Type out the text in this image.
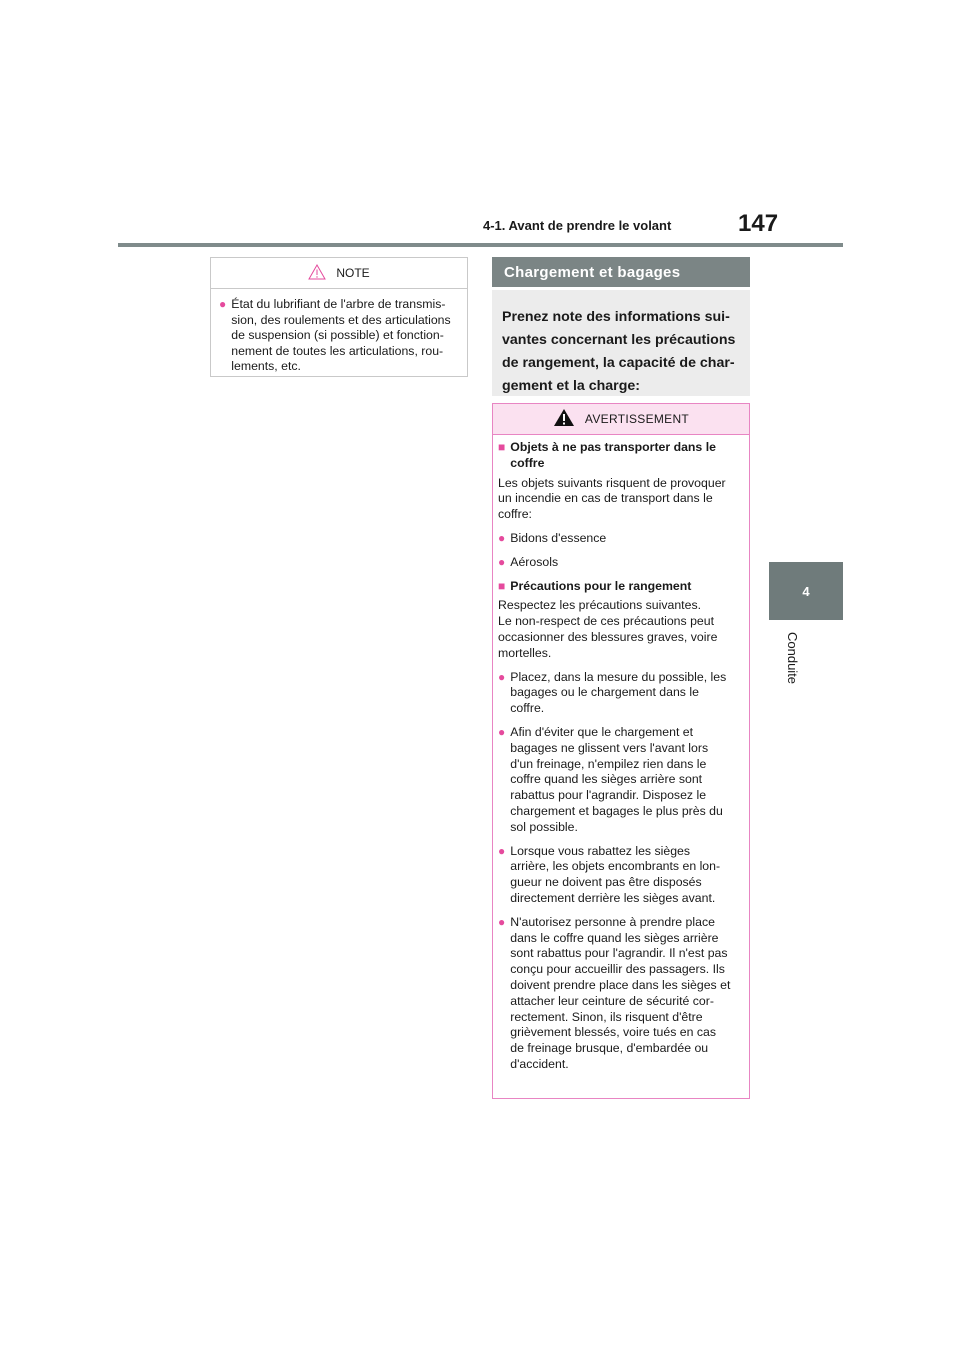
4-1. Avant de prendre le volant	147
4
Conduite
NOTE
● État du lubrifiant de l'arbre de transmis-
sion, des roulements et des articulations
de suspension (si possible) et fonction-
nement de toutes les articulations, rou-
lements, etc.
Chargement et bagages
Prenez note des informations sui-
vantes concernant les précautions
de rangement, la capacité de char-
gement et la charge:
AVERTISSEMENT
■ Objets à ne pas transporter dans le
coffre
Les objets suivants risquent de provoquer
un incendie en cas de transport dans le
coffre:
● Bidons d'essence
● Aérosols
■ Précautions pour le rangement
Respectez les précautions suivantes.
Le non-respect de ces précautions peut
occasionner des blessures graves, voire
mortelles.
● Placez, dans la mesure du possible, les
bagages ou le chargement dans le
coffre.
● Afin d'éviter que le chargement et
bagages ne glissent vers l'avant lors
d'un freinage, n'empilez rien dans le
coffre quand les sièges arrière sont
rabattus pour l'agrandir. Disposez le
chargement et bagages le plus près du
sol possible.
● Lorsque vous rabattez les sièges
arrière, les objets encombrants en lon-
gueur ne doivent pas être disposés
directement derrière les sièges avant.
● N'autorisez personne à prendre place
dans le coffre quand les sièges arrière
sont rabattus pour l'agrandir. Il n'est pas
conçu pour accueillir des passagers. Ils
doivent prendre place dans les sièges et
attacher leur ceinture de sécurité cor-
rectement. Sinon, ils risquent d'être
grièvement blessés, voire tués en cas
de freinage brusque, d'embardée ou
d'accident.
